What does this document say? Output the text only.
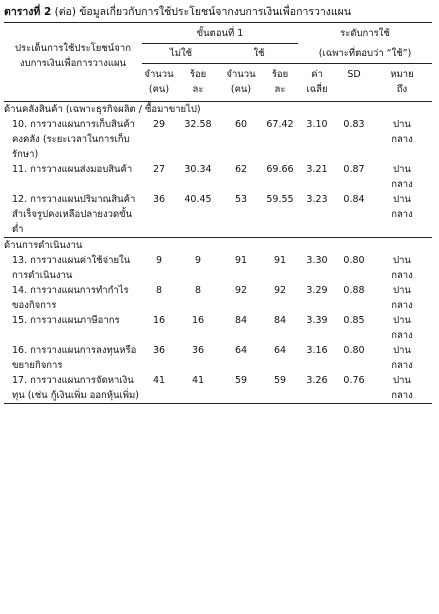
ตารางที่ 2 (ต่อ) ข้อมูลเกี่ยวกับการใช้ประโยชน์จากงบการเงินเพื่อการวางแผน

ประเด็นการใช้ประโยชน์จากงบการเงินเพื่อการวางแผน	ขั้นตอนที่ 1				ระดับการใช้		
	ไม่ใช้		ใช้		(เฉพาะที่ตอบว่า “ใช้”)		
	จำนวน (คน)	ร้อย ละ	จำนวน (คน)	ร้อย ละ	ค่า เฉลี่ย	SD	หมาย ถึง
ด้านคลังสินค้า (เฉพาะธุรกิจผลิต / ซื้อมาขายไป)							
10. การวางแผนการเก็บสินค้าคงคลัง (ระยะเวลาในการเก็บรักษา)	29	32.58	60	67.42	3.10	0.83	ปานกลาง
11. การวางแผนส่งมอบสินค้า	27	30.34	62	69.66	3.21	0.87	ปานกลาง
12. การวางแผนปริมาณสินค้าสำเร็จรูปคงเหลือปลายงวดขั้นต่ำ	36	40.45	53	59.55	3.23	0.84	ปานกลาง
ด้านการดำเนินงาน							
13. การวางแผนค่าใช้จ่ายในการดำเนินงาน	9	9	91	91	3.30	0.80	ปานกลาง
14. การวางแผนการทำกำไรของกิจการ	8	8	92	92	3.29	0.88	ปานกลาง
15. การวางแผนภาษีอากร	16	16	84	84	3.39	0.85	ปานกลาง
16. การวางแผนการลงทุนหรือขยายกิจการ	36	36	64	64	3.16	0.80	ปานกลาง
17. การวางแผนการจัดหาเงินทุน (เช่น กู้เงินเพิ่ม ออกหุ้นเพิ่ม)	41	41	59	59	3.26	0.76	ปานกลาง
